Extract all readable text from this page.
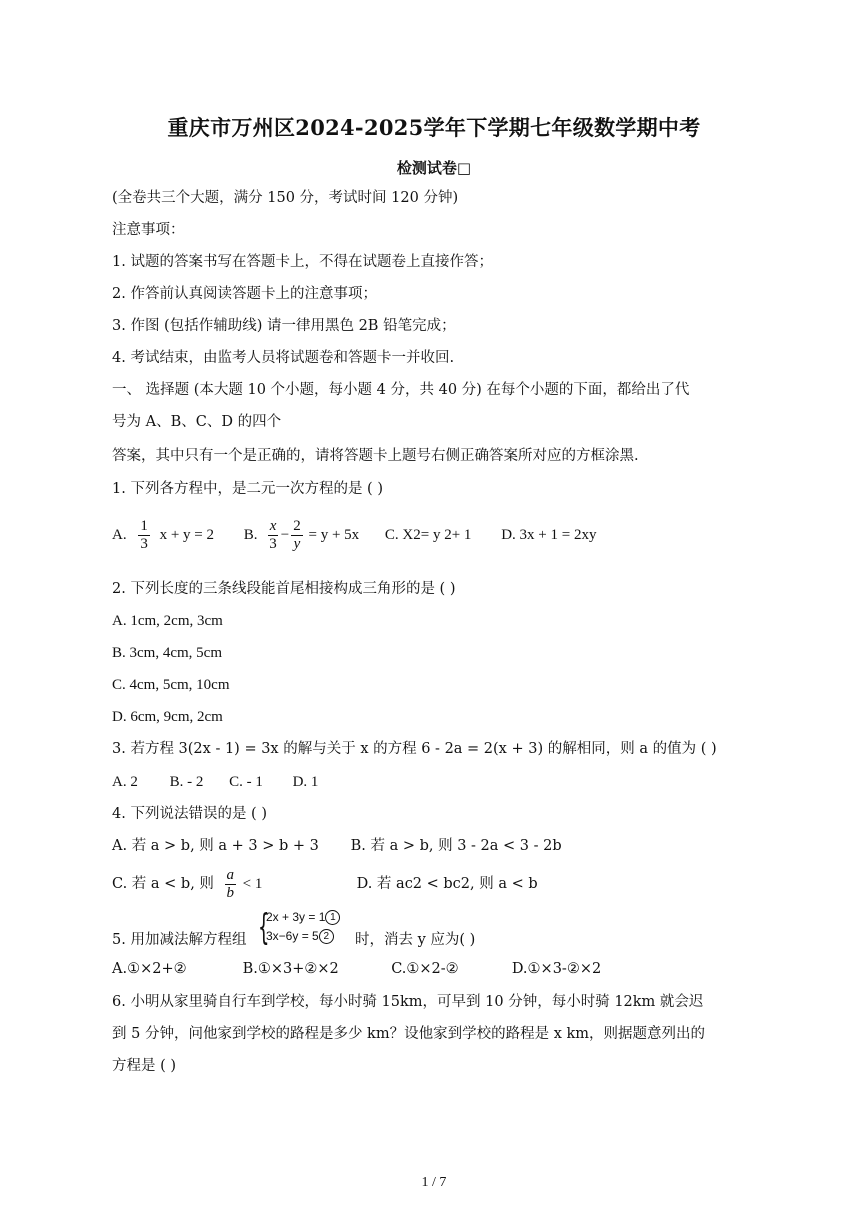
重庆市万州区2024-2025学年下学期七年级数学期中考
检测试卷□
(全卷共三个大题，满分 150 分，考试时间 120 分钟)
注意事项：
1. 试题的答案书写在答题卡上，不得在试题卷上直接作答；
2. 作答前认真阅读答题卡上的注意事项；
3. 作图 (包括作辅助线) 请一律用黑色 2B 铅笔完成；
4. 考试结束，由监考人员将试题卷和答题卡一并收回.
一、 选择题 (本大题 10 个小题，每小题 4 分，共 40 分) 在每个小题的下面，都给出了代
号为 A、B、C、D 的四个
答案，其中只有一个是正确的，请将答题卡上题号右侧正确答案所对应的方框涂黑.
1. 下列各方程中，是二元一次方程的是 ( )
A. $\frac{1}{3}$ x + y = 2 B. $\frac{x}{3} - \frac{2}{y} = y + 5x$ C. X2= y 2+ 1 D. 3x + 1 = 2xy
2. 下列长度的三条线段能首尾相接构成三角形的是 ( )
A. 1cm, 2cm, 3cm
B. 3cm, 4cm, 5cm
C. 4cm, 5cm, 10cm
D. 6cm, 9cm, 2cm
3. 若方程 3(2x - 1) = 3x 的解与关于 x 的方程 6 - 2a = 2(x + 3) 的解相同，则 a 的值为 ( )
A. 2 B. - 2 C. - 1 D. 1
4. 下列说法错误的是 ( )
A. 若 a > b, 则 a + 3 > b + 3 B. 若 a > b, 则 3 - 2a < 3 - 2b
C. 若 a < b, 则 $\frac{a}{b} < 1$	D. 若 ac2 < bc2, 则 a < b
5. 用加减法解方程组 {
2x + 3y = 1 1
3x−6y = 5 2	时，消去 y 应为( )
A.①×2+②	B.①×3+②×2	C.①×2-②	D.①×3-②×2
6. 小明从家里骑自行车到学校，每小时骑 15km，可早到 10 分钟，每小时骑 12km 就会迟
到 5 分钟，问他家到学校的路程是多少 km？设他家到学校的路程是 x km，则据题意列出的
方程是 ( )
1 / 7
